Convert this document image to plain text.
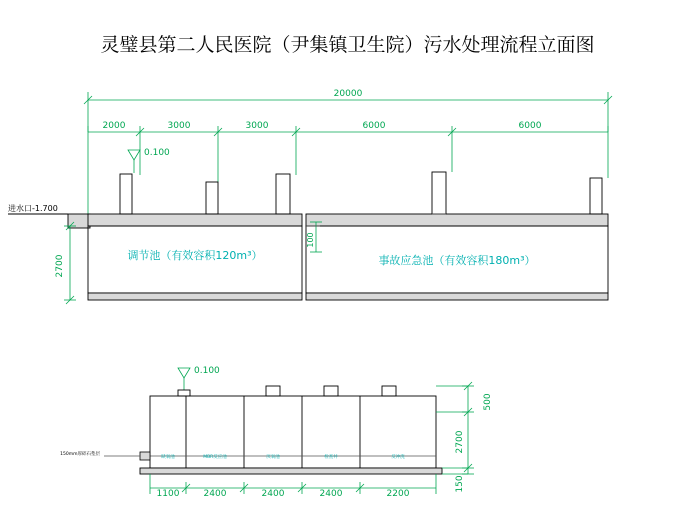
灵璧县第二人民医院（尹集镇卫生院）污水处理流程立面图
20000
2000	3000	3000	6000	6000
0.100
进水口-1.700
2700
100
调节池（有效容积120m³）	事故应急池（有效容积180m³）
0.100
150mm厚碎石垫层
缺氧池	MBR反应池	厌氧池	检查井	反冲洗
1100	2400	2400	2400	2200
500
2700
150
